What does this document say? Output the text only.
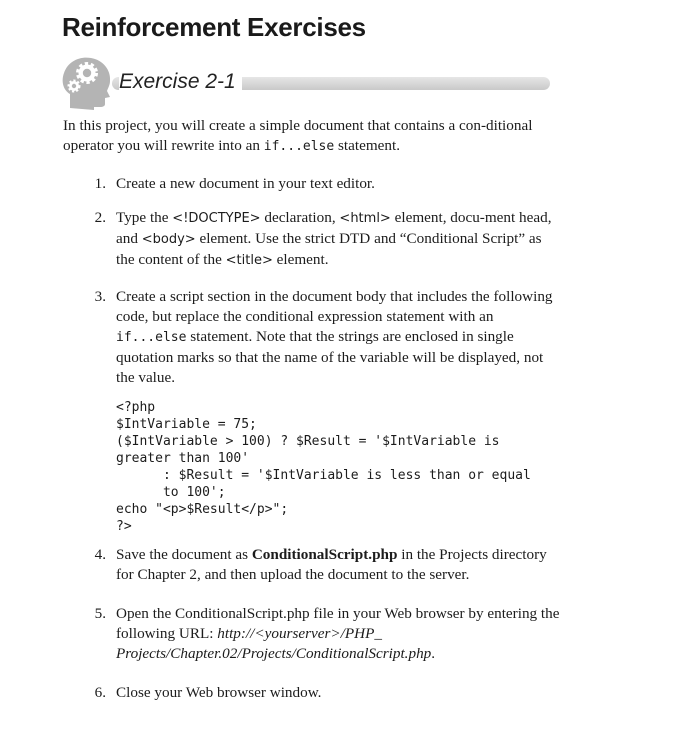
Reinforcement Exercises
Exercise 2-1

In this project, you will create a simple document that contains a con-ditional operator you will rewrite into an if...else statement.

1. Create a new document in your text editor.
2. Type the <!DOCTYPE> declaration, <html> element, docu-ment head, and <body> element. Use the strict DTD and “Conditional Script” as the content of the <title> element.
3. Create a script section in the document body that includes the following code, but replace the conditional expression statement with an if...else statement. Note that the strings are enclosed in single quotation marks so that the name of the variable will be displayed, not the value.

<?php
$IntVariable = 75;
($IntVariable > 100) ? $Result = '$IntVariable is
greater than 100'
: $Result = '$IntVariable is less than or equal
to 100';
echo "<p>$Result</p>";
?>
4. Save the document as ConditionalScript.php in the Projects directory for Chapter 2, and then upload the document to the server.
5. Open the ConditionalScript.php file in your Web browser by entering the following URL: http://<yourserver>/PHP_ Projects/Chapter.02/Projects/ConditionalScript.php.
6. Close your Web browser window.
